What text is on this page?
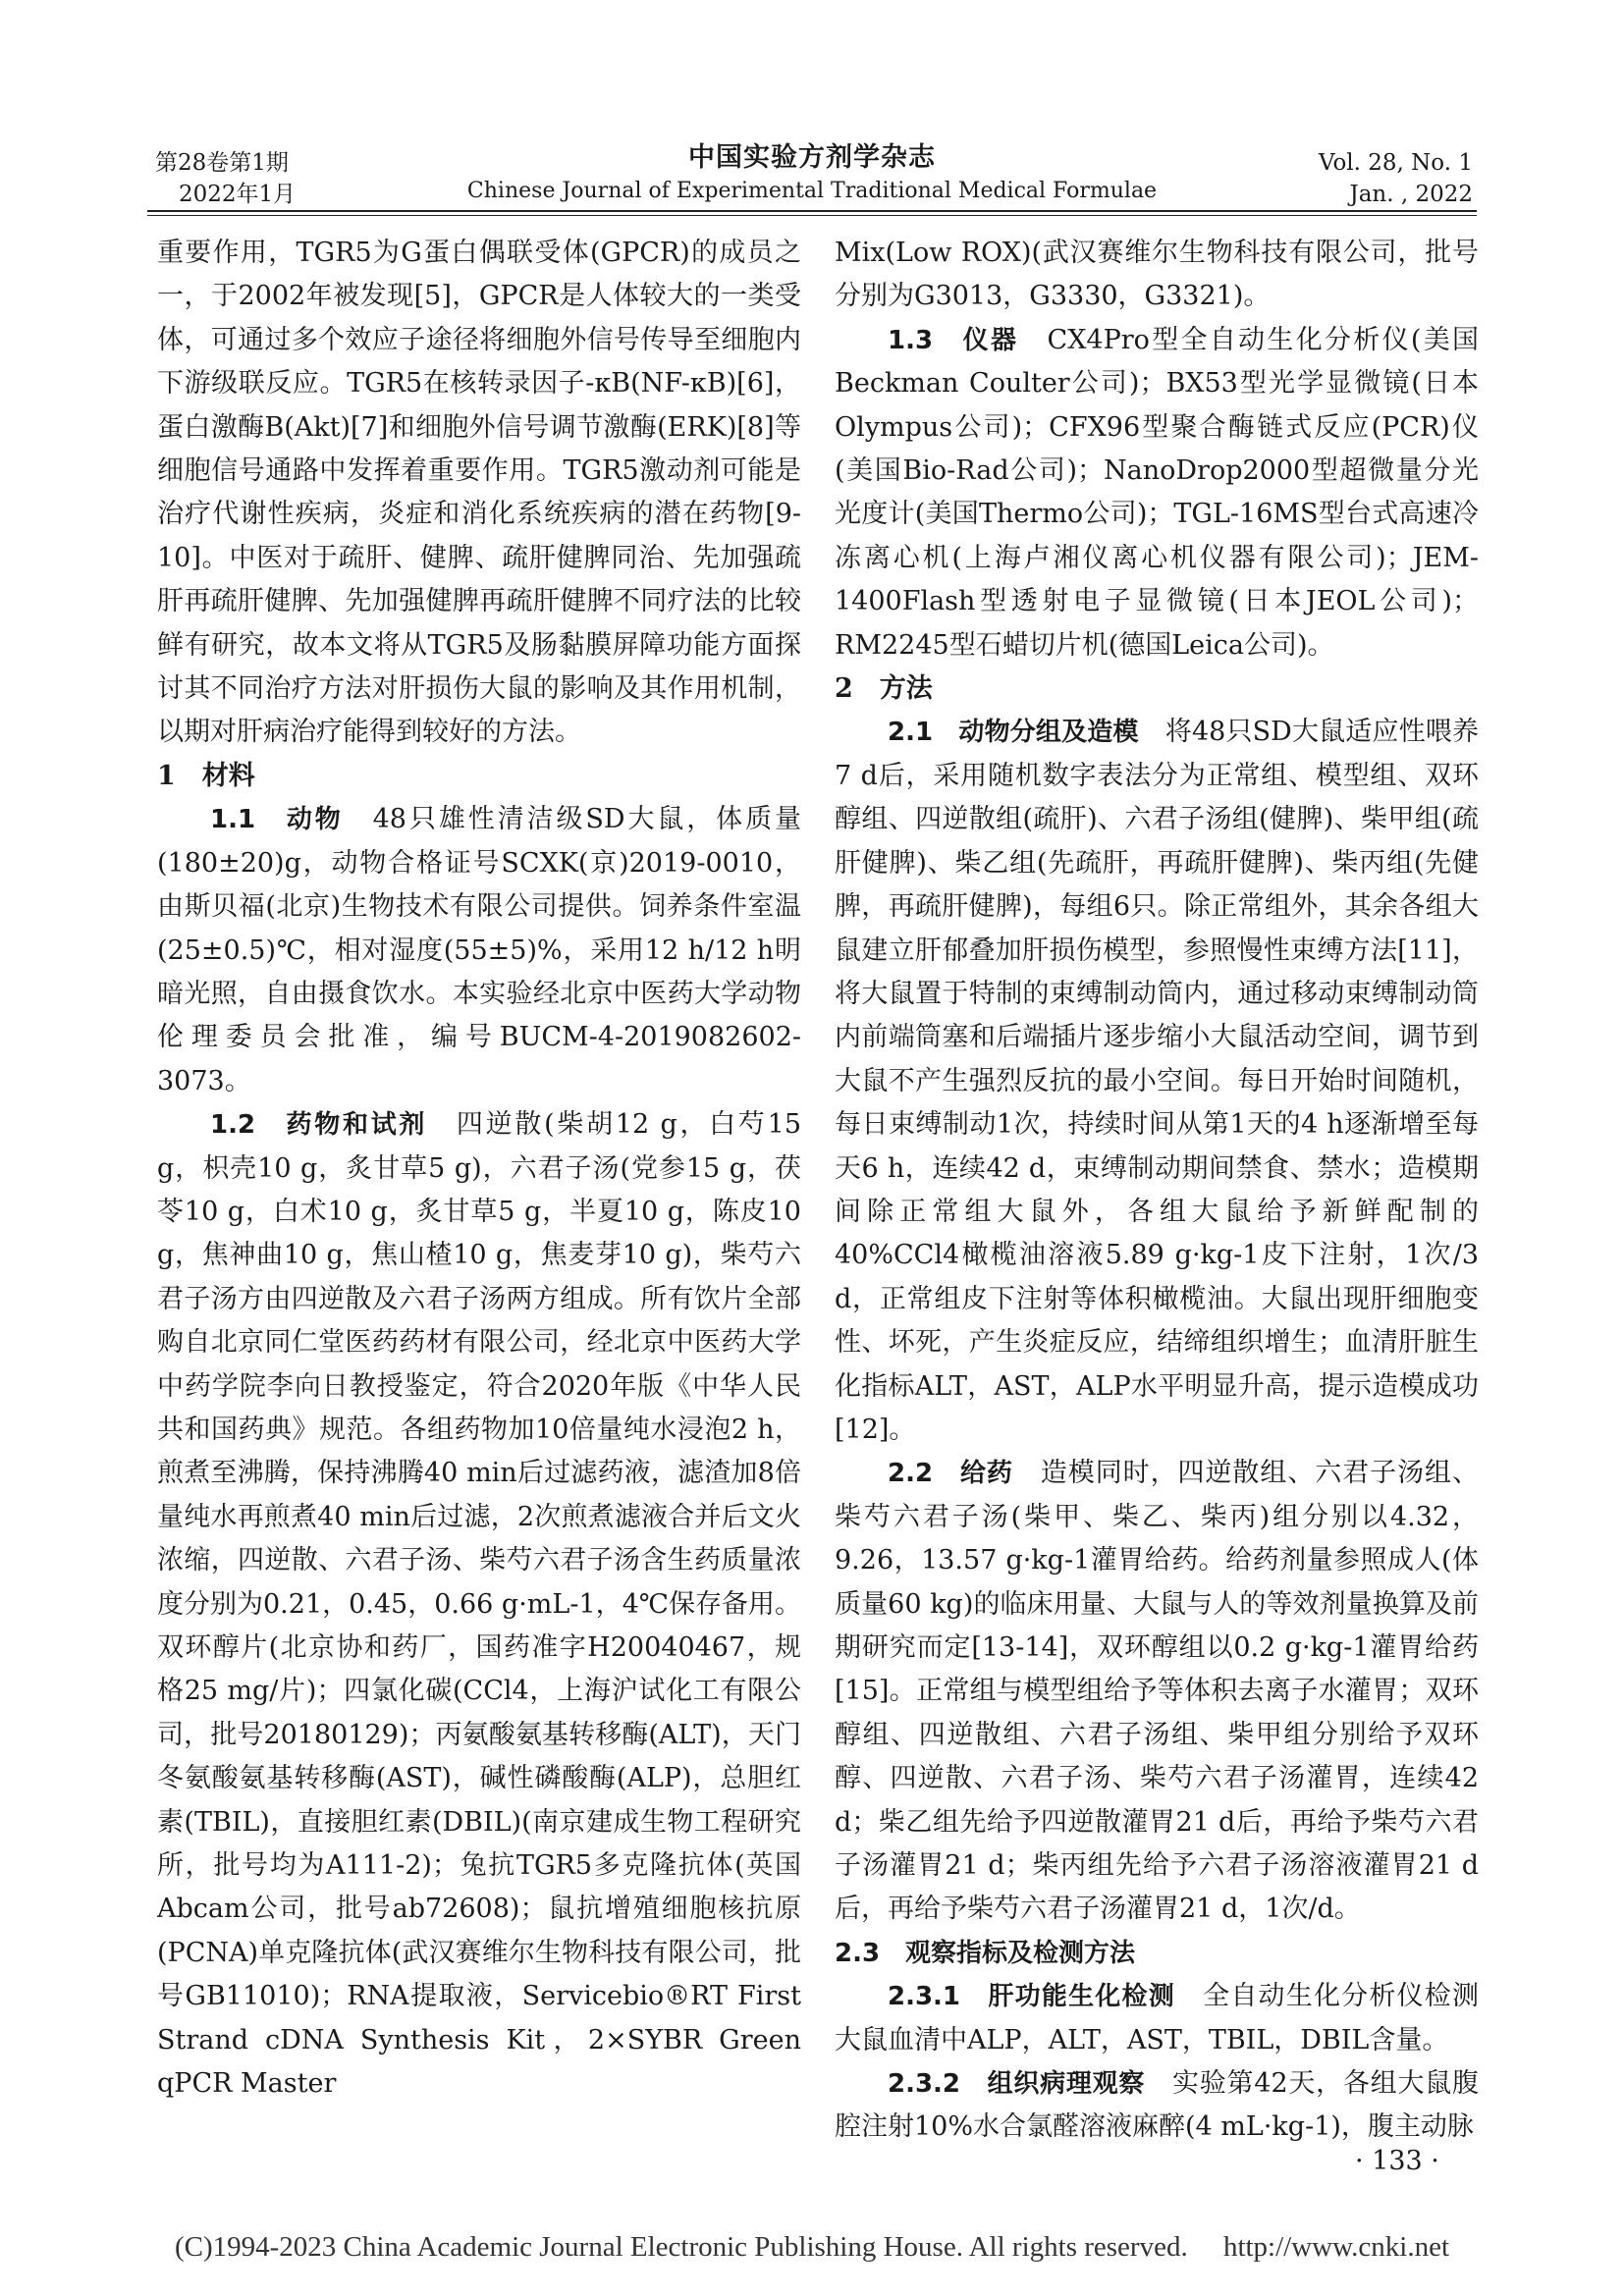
第28卷第1期
2022年1月
中国实验方剂学杂志
Chinese Journal of Experimental Traditional Medical Formulae
Vol. 28, No. 1
Jan. , 2022

重要作用，TGR5为G蛋白偶联受体(GPCR)的成员之一，于2002年被发现[5]，GPCR是人体较大的一类受体，可通过多个效应子途径将细胞外信号传导至细胞内下游级联反应。TGR5在核转录因子-κB(NF-κB)[6]，蛋白激酶B(Akt)[7]和细胞外信号调节激酶(ERK)[8]等细胞信号通路中发挥着重要作用。TGR5激动剂可能是治疗代谢性疾病，炎症和消化系统疾病的潜在药物[9-10]。中医对于疏肝、健脾、疏肝健脾同治、先加强疏肝再疏肝健脾、先加强健脾再疏肝健脾不同疗法的比较鲜有研究，故本文将从TGR5及肠黏膜屏障功能方面探讨其不同治疗方法对肝损伤大鼠的影响及其作用机制，以期对肝病治疗能得到较好的方法。

1　材料

1.1　动物　48只雄性清洁级SD大鼠，体质量(180±20)g，动物合格证号SCXK(京)2019-0010，由斯贝福(北京)生物技术有限公司提供。饲养条件室温(25±0.5)℃，相对湿度(55±5)%，采用12 h/12 h明暗光照，自由摄食饮水。本实验经北京中医药大学动物伦理委员会批准，编号BUCM-4-2019082602-3073。

1.2　药物和试剂　四逆散(柴胡12 g，白芍15 g，枳壳10 g，炙甘草5 g)，六君子汤(党参15 g，茯苓10 g，白术10 g，炙甘草5 g，半夏10 g，陈皮10 g，焦神曲10 g，焦山楂10 g，焦麦芽10 g)，柴芍六君子汤方由四逆散及六君子汤两方组成。所有饮片全部购自北京同仁堂医药药材有限公司，经北京中医药大学中药学院李向日教授鉴定，符合2020年版《中华人民共和国药典》规范。各组药物加10倍量纯水浸泡2 h，煎煮至沸腾，保持沸腾40 min后过滤药液，滤渣加8倍量纯水再煎煮40 min后过滤，2次煎煮滤液合并后文火浓缩，四逆散、六君子汤、柴芍六君子汤含生药质量浓度分别为0.21，0.45，0.66 g·mL-1，4℃保存备用。双环醇片(北京协和药厂，国药准字H20040467，规格25 mg/片)；四氯化碳(CCl4，上海沪试化工有限公司，批号20180129)；丙氨酸氨基转移酶(ALT)，天门冬氨酸氨基转移酶(AST)，碱性磷酸酶(ALP)，总胆红素(TBIL)，直接胆红素(DBIL)(南京建成生物工程研究所，批号均为A111-2)；兔抗TGR5多克隆抗体(英国Abcam公司，批号ab72608)；鼠抗增殖细胞核抗原(PCNA)单克隆抗体(武汉赛维尔生物科技有限公司，批号GB11010)；RNA提取液，Servicebio®RT First Strand cDNA Synthesis Kit，2×SYBR Green qPCR Master

Mix(Low ROX)(武汉赛维尔生物科技有限公司，批号分别为G3013，G3330，G3321)。

1.3　仪器　CX4Pro型全自动生化分析仪(美国Beckman Coulter公司)；BX53型光学显微镜(日本Olympus公司)；CFX96型聚合酶链式反应(PCR)仪(美国Bio-Rad公司)；NanoDrop2000型超微量分光光度计(美国Thermo公司)；TGL-16MS型台式高速冷冻离心机(上海卢湘仪离心机仪器有限公司)；JEM-1400Flash型透射电子显微镜(日本JEOL公司)；RM2245型石蜡切片机(德国Leica公司)。

2　方法

2.1　动物分组及造模　将48只SD大鼠适应性喂养7 d后，采用随机数字表法分为正常组、模型组、双环醇组、四逆散组(疏肝)、六君子汤组(健脾)、柴甲组(疏肝健脾)、柴乙组(先疏肝，再疏肝健脾)、柴丙组(先健脾，再疏肝健脾)，每组6只。除正常组外，其余各组大鼠建立肝郁叠加肝损伤模型，参照慢性束缚方法[11]，将大鼠置于特制的束缚制动筒内，通过移动束缚制动筒内前端筒塞和后端插片逐步缩小大鼠活动空间，调节到大鼠不产生强烈反抗的最小空间。每日开始时间随机，每日束缚制动1次，持续时间从第1天的4 h逐渐增至每天6 h，连续42 d，束缚制动期间禁食、禁水；造模期间除正常组大鼠外，各组大鼠给予新鲜配制的40%CCl4橄榄油溶液5.89 g·kg-1皮下注射，1次/3 d，正常组皮下注射等体积橄榄油。大鼠出现肝细胞变性、坏死，产生炎症反应，结缔组织增生；血清肝脏生化指标ALT，AST，ALP水平明显升高，提示造模成功[12]。

2.2　给药　造模同时，四逆散组、六君子汤组、柴芍六君子汤(柴甲、柴乙、柴丙)组分别以4.32，9.26，13.57 g·kg-1灌胃给药。给药剂量参照成人(体质量60 kg)的临床用量、大鼠与人的等效剂量换算及前期研究而定[13-14]，双环醇组以0.2 g·kg-1灌胃给药[15]。正常组与模型组给予等体积去离子水灌胃；双环醇组、四逆散组、六君子汤组、柴甲组分别给予双环醇、四逆散、六君子汤、柴芍六君子汤灌胃，连续42 d；柴乙组先给予四逆散灌胃21 d后，再给予柴芍六君子汤灌胃21 d；柴丙组先给予六君子汤溶液灌胃21 d后，再给予柴芍六君子汤灌胃21 d，1次/d。

2.3　观察指标及检测方法

2.3.1　肝功能生化检测　全自动生化分析仪检测大鼠血清中ALP，ALT，AST，TBIL，DBIL含量。

2.3.2　组织病理观察　实验第42天，各组大鼠腹腔注射10%水合氯醛溶液麻醉(4 mL·kg-1)，腹主动脉

· 133 ·
(C)1994-2023 China Academic Journal Electronic Publishing House. All rights reserved.　 http://www.cnki.net
